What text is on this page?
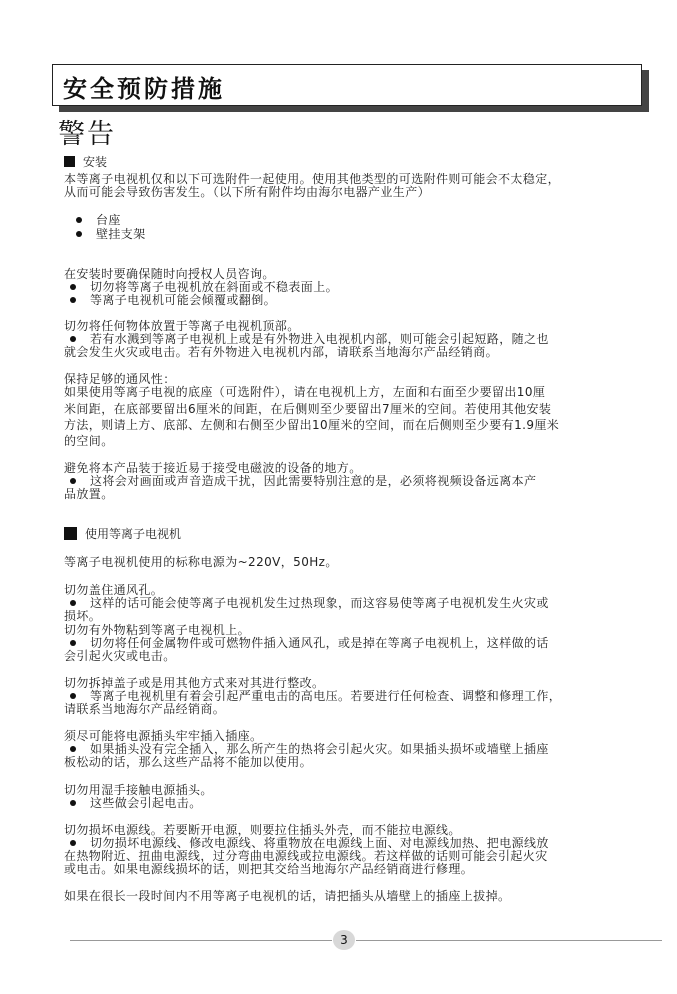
安全预防措施
警告
安装
本等离子电视机仅和以下可选附件一起使用。使用其他类型的可选附件则可能会不太稳定，
从而可能会导致伤害发生。（以下所有附件均由海尔电器产业生产）
台座
壁挂支架
在安装时要确保随时向授权人员咨询。
切勿将等离子电视机放在斜面或不稳表面上。
等离子电视机可能会倾覆或翻倒。
切勿将任何物体放置于等离子电视机顶部。
若有水溅到等离子电视机上或是有外物进入电视机内部，则可能会引起短路，随之也
就会发生火灾或电击。若有外物进入电视机内部，请联系当地海尔产品经销商。
保持足够的通风性：
如果使用等离子电视的底座（可选附件），请在电视机上方，左面和右面至少要留出10厘
米间距，在底部要留出6厘米的间距，在后侧则至少要留出7厘米的空间。若使用其他安装
方法，则请上方、底部、左侧和右侧至少留出10厘米的空间，而在后侧则至少要有1.9厘米
的空间。
避免将本产品装于接近易于接受电磁波的设备的地方。
这将会对画面或声音造成干扰，因此需要特别注意的是，必须将视频设备远离本产
品放置。
使用等离子电视机
等离子电视机使用的标称电源为~220V，50Hz。
切勿盖住通风孔。
这样的话可能会使等离子电视机发生过热现象，而这容易使等离子电视机发生火灾或
损坏。
切勿有外物粘到等离子电视机上。
切勿将任何金属物件或可燃物件插入通风孔，或是掉在等离子电视机上，这样做的话
会引起火灾或电击。
切勿拆掉盖子或是用其他方式来对其进行整改。
等离子电视机里有着会引起严重电击的高电压。若要进行任何检查、调整和修理工作，
请联系当地海尔产品经销商。
须尽可能将电源插头牢牢插入插座。
如果插头没有完全插入，那么所产生的热将会引起火灾。如果插头损坏或墙壁上插座
板松动的话，那么这些产品将不能加以使用。
切勿用湿手接触电源插头。
这些做会引起电击。
切勿损坏电源线。若要断开电源，则要拉住插头外壳，而不能拉电源线。
切勿损坏电源线、修改电源线、将重物放在电源线上面、对电源线加热、把电源线放
在热物附近、扭曲电源线，过分弯曲电源线或拉电源线。若这样做的话则可能会引起火灾
或电击。如果电源线损坏的话，则把其交给当地海尔产品经销商进行修理。
如果在很长一段时间内不用等离子电视机的话，请把插头从墙壁上的插座上拔掉。
3
